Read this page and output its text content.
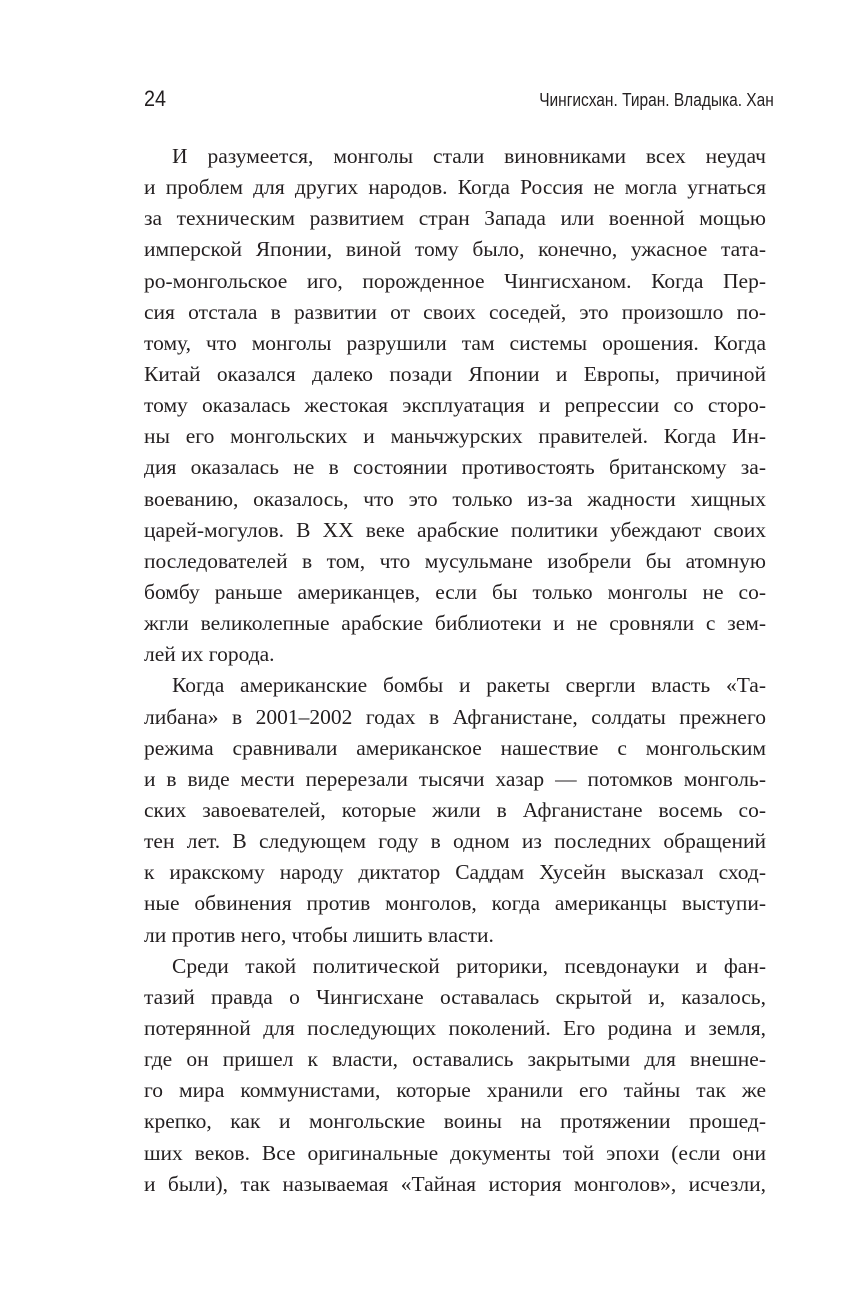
24	Чингисхан. Тиран. Владыка. Хан
И разумеется, монголы стали виновниками всех неудач
и проблем для других народов. Когда Россия не могла угнаться
за техническим развитием стран Запада или военной мощью
имперской Японии, виной тому было, конечно, ужасное тата-
ро-монгольское иго, порожденное Чингисханом. Когда Пер-
сия отстала в развитии от своих соседей, это произошло по-
тому, что монголы разрушили там системы орошения. Когда
Китай оказался далеко позади Японии и Европы, причиной
тому оказалась жестокая эксплуатация и репрессии со сторо-
ны его монгольских и маньчжурских правителей. Когда Ин-
дия оказалась не в состоянии противостоять британскому за-
воеванию, оказалось, что это только из-за жадности хищных
царей-могулов. В XX веке арабские политики убеждают своих
последователей в том, что мусульмане изобрели бы атомную
бомбу раньше американцев, если бы только монголы не со-
жгли великолепные арабские библиотеки и не сровняли с зем-
лей их города.
Когда американские бомбы и ракеты свергли власть «Та-
либана» в 2001–2002 годах в Афганистане, солдаты прежнего
режима сравнивали американское нашествие с монгольским
и в виде мести перерезали тысячи хазар — потомков монголь-
ских завоевателей, которые жили в Афганистане восемь со-
тен лет. В следующем году в одном из последних обращений
к иракскому народу диктатор Саддам Хусейн высказал сход-
ные обвинения против монголов, когда американцы выступи-
ли против него, чтобы лишить власти.
Среди такой политической риторики, псевдонауки и фан-
тазий правда о Чингисхане оставалась скрытой и, казалось,
потерянной для последующих поколений. Его родина и земля,
где он пришел к власти, оставались закрытыми для внешне-
го мира коммунистами, которые хранили его тайны так же
крепко, как и монгольские воины на протяжении прошед-
ших веков. Все оригинальные документы той эпохи (если они
и были), так называемая «Тайная история монголов», исчезли,
